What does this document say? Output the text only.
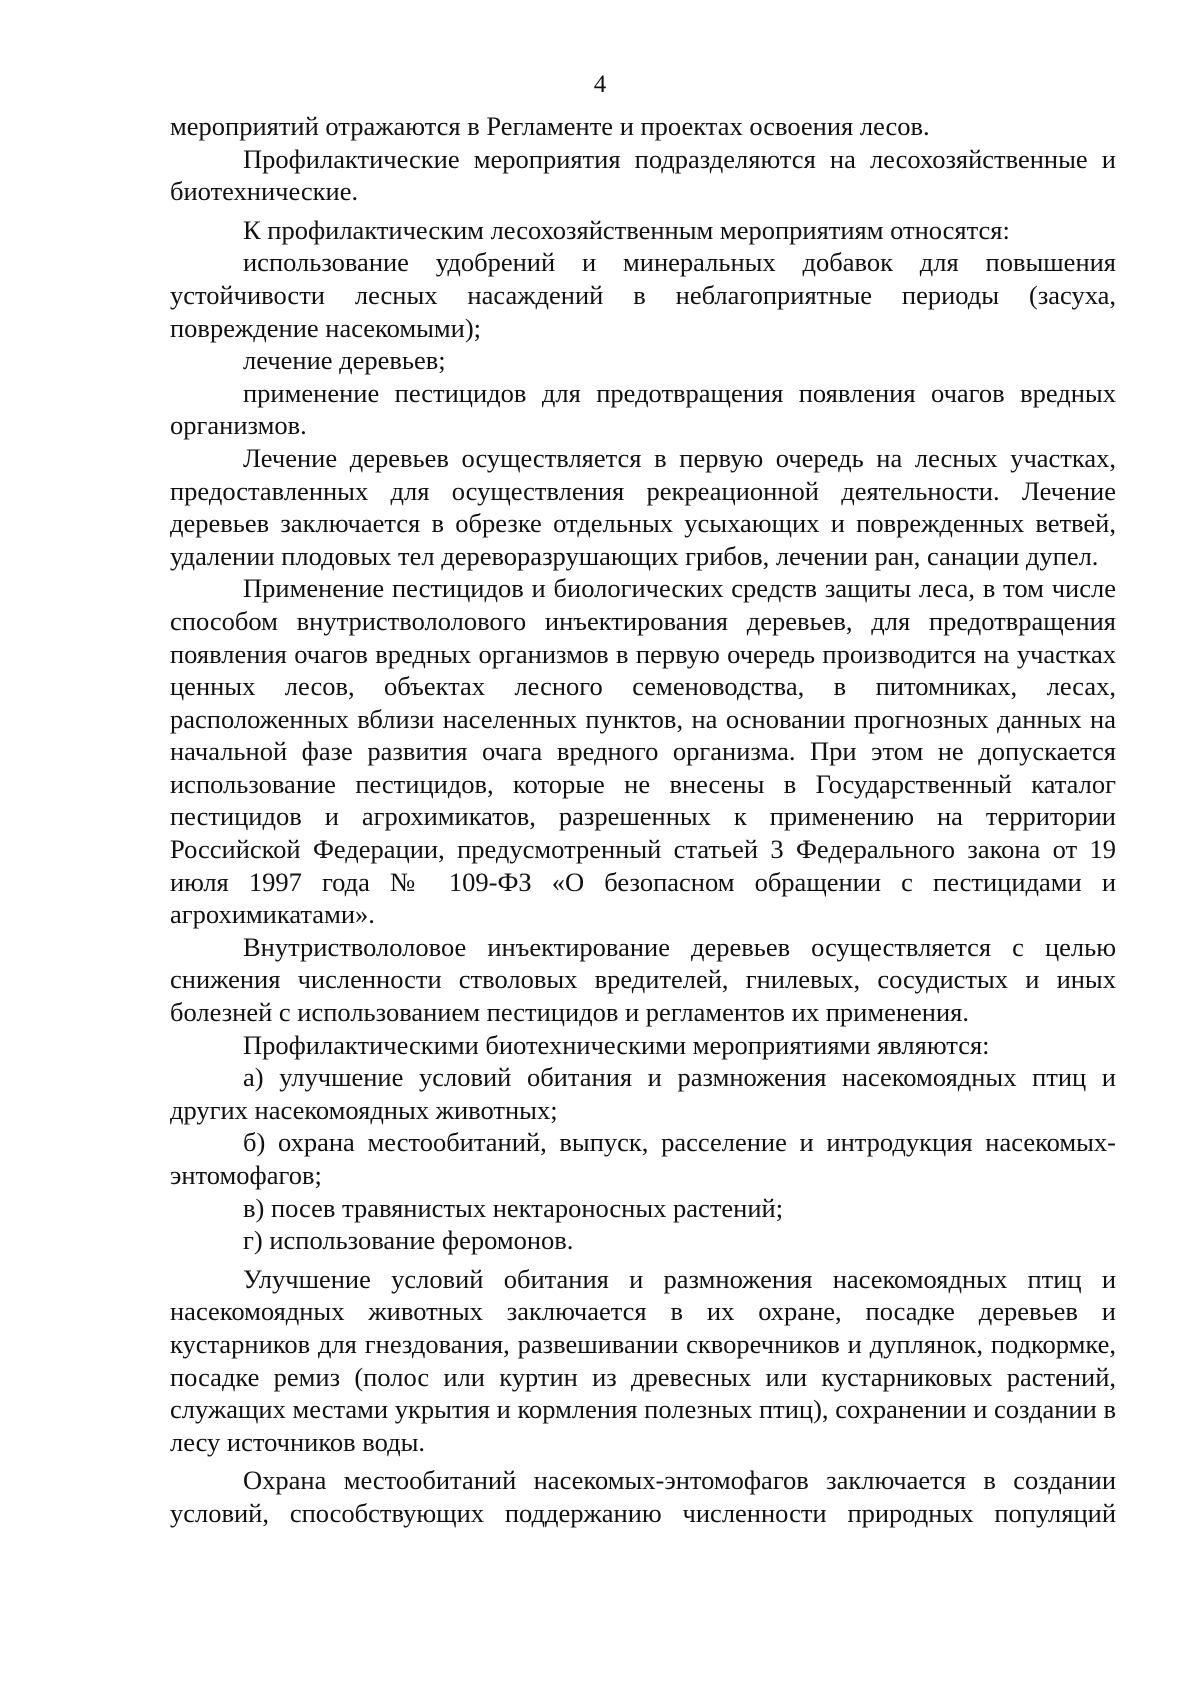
4

мероприятий отражаются в Регламенте и проектах освоения лесов.

Профилактические мероприятия подразделяются на лесохозяйственные и биотехнические.

К профилактическим лесохозяйственным мероприятиям относятся:

использование удобрений и минеральных добавок для повышения устойчивости лесных насаждений в неблагоприятные периоды (засуха, повреждение насекомыми);

лечение деревьев;

применение пестицидов для предотвращения появления очагов вредных организмов.

Лечение деревьев осуществляется в первую очередь на лесных участках, предоставленных для осуществления рекреационной деятельности. Лечение деревьев заключается в обрезке отдельных усыхающих и поврежденных ветвей, удалении плодовых тел дереворазрушающих грибов, лечении ран, санации дупел.

Применение пестицидов и биологических средств защиты леса, в том числе способом внутриствололового инъектирования деревьев, для предотвращения появления очагов вредных организмов в первую очередь производится на участках ценных лесов, объектах лесного семеноводства, в питомниках, лесах, расположенных вблизи населенных пунктов, на основании прогнозных данных на начальной фазе развития очага вредного организма. При этом не допускается использование пестицидов, которые не внесены в Государственный каталог пестицидов и агрохимикатов, разрешенных к применению на территории Российской Федерации, предусмотренный статьей 3 Федерального закона от 19 июля 1997 года № 109-ФЗ «О безопасном обращении с пестицидами и агрохимикатами».

Внутриствололовое инъектирование деревьев осуществляется с целью снижения численности стволовых вредителей, гнилевых, сосудистых и иных болезней с использованием пестицидов и регламентов их применения.

Профилактическими биотехническими мероприятиями являются:

а) улучшение условий обитания и размножения насекомоядных птиц и других насекомоядных животных;

б) охрана местообитаний, выпуск, расселение и интродукция насекомых-энтомофагов;

в) посев травянистых нектароносных растений;

г) использование феромонов.

Улучшение условий обитания и размножения насекомоядных птиц и насекомоядных животных заключается в их охране, посадке деревьев и кустарников для гнездования, развешивании скворечников и дуплянок, подкормке, посадке ремиз (полос или куртин из древесных или кустарниковых растений, служащих местами укрытия и кормления полезных птиц), сохранении и создании в лесу источников воды.

Охрана местообитаний насекомых-энтомофагов заключается в создании условий, способствующих поддержанию численности природных популяций
